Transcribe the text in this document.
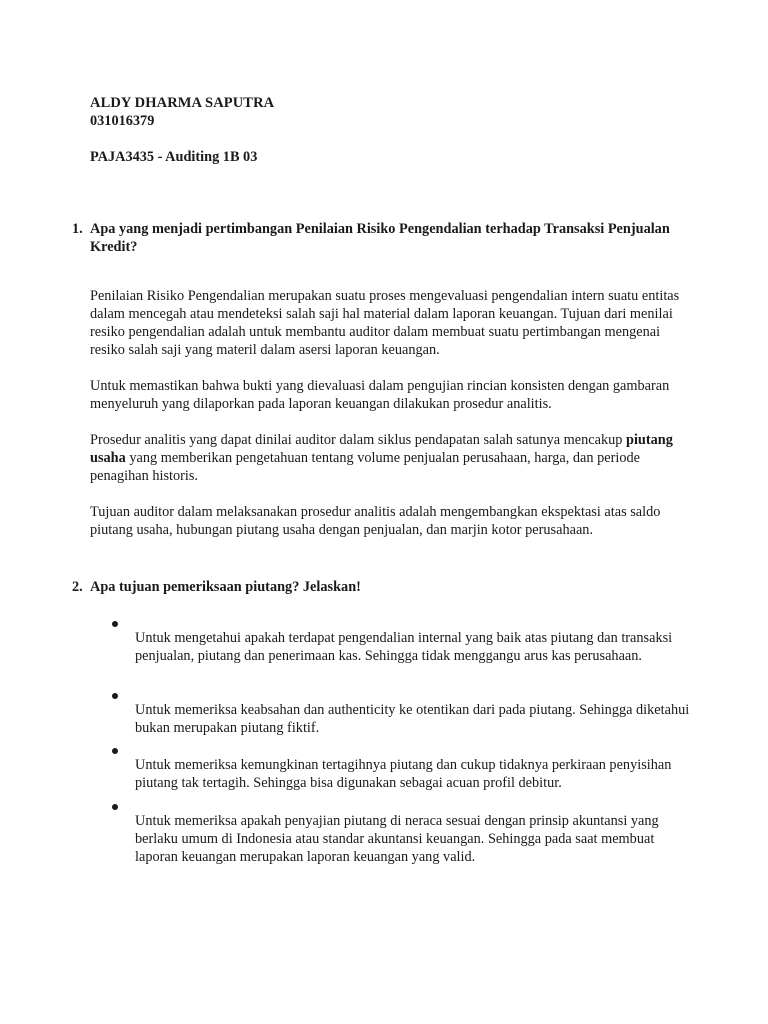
ALDY DHARMA SAPUTRA

031016379

PAJA3435 - Auditing 1B 03

1. Apa yang menjadi pertimbangan Penilaian Risiko Pengendalian terhadap Transaksi Penjualan Kredit?

Penilaian Risiko Pengendalian merupakan suatu proses mengevaluasi pengendalian intern suatu entitas dalam mencegah atau mendeteksi salah saji hal material dalam laporan keuangan. Tujuan dari menilai resiko pengendalian adalah untuk membantu auditor dalam membuat suatu pertimbangan mengenai resiko salah saji yang materil dalam asersi laporan keuangan.

Untuk memastikan bahwa bukti yang dievaluasi dalam pengujian rincian konsisten dengan gambaran menyeluruh yang dilaporkan pada laporan keuangan dilakukan prosedur analitis.

Prosedur analitis yang dapat dinilai auditor dalam siklus pendapatan salah satunya mencakup piutang usaha yang memberikan pengetahuan tentang volume penjualan perusahaan, harga, dan periode penagihan historis.

Tujuan auditor dalam melaksanakan prosedur analitis adalah mengembangkan ekspektasi atas saldo piutang usaha, hubungan piutang usaha dengan penjualan, dan marjin kotor perusahaan.

2. Apa tujuan pemeriksaan piutang? Jelaskan!

Untuk mengetahui apakah terdapat pengendalian internal yang baik atas piutang dan transaksi penjualan, piutang dan penerimaan kas. Sehingga tidak menggangu arus kas perusahaan.

Untuk memeriksa keabsahan dan authenticity ke otentikan dari pada piutang. Sehingga diketahui bukan merupakan piutang fiktif.

Untuk memeriksa kemungkinan tertagihnya piutang dan cukup tidaknya perkiraan penyisihan piutang tak tertagih. Sehingga bisa digunakan sebagai acuan profil debitur.

Untuk memeriksa apakah penyajian piutang di neraca sesuai dengan prinsip akuntansi yang berlaku umum di Indonesia atau standar akuntansi keuangan. Sehingga pada saat membuat laporan keuangan merupakan laporan keuangan yang valid.
